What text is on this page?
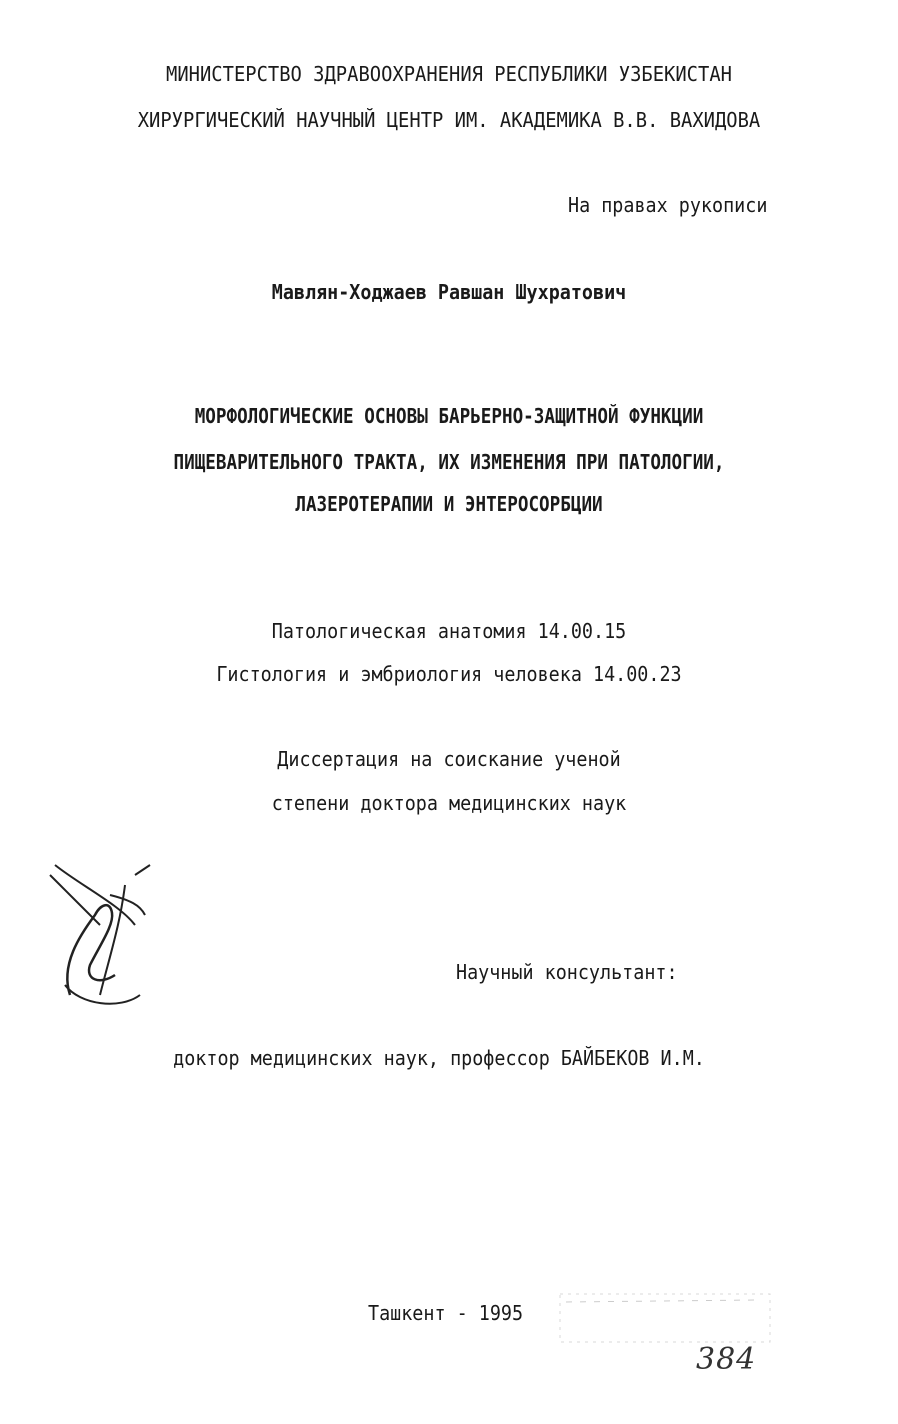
МИНИСТЕРСТВО ЗДРАВООХРАНЕНИЯ РЕСПУБЛИКИ УЗБЕКИСТАН
ХИРУРГИЧЕСКИЙ НАУЧНЫЙ ЦЕНТР ИМ. АКАДЕМИКА В.В. ВАХИДОВА
На правах рукописи
Мавлян-Ходжаев Равшан Шухратович
МОРФОЛОГИЧЕСКИЕ ОСНОВЫ БАРЬЕРНО-ЗАЩИТНОЙ ФУНКЦИИ
ПИЩЕВАРИТЕЛЬНОГО ТРАКТА, ИХ ИЗМЕНЕНИЯ ПРИ ПАТОЛОГИИ,
ЛАЗЕРОТЕРАПИИ И ЭНТЕРОСОРБЦИИ
Патологическая анатомия 14.00.15
Гистология и эмбриология человека 14.00.23
Диссертация на соискание ученой
степени доктора медицинских наук
Научный консультант:
доктор медицинских наук, профессор БАЙБЕКОВ И.М.
Ташкент - 1995
384
